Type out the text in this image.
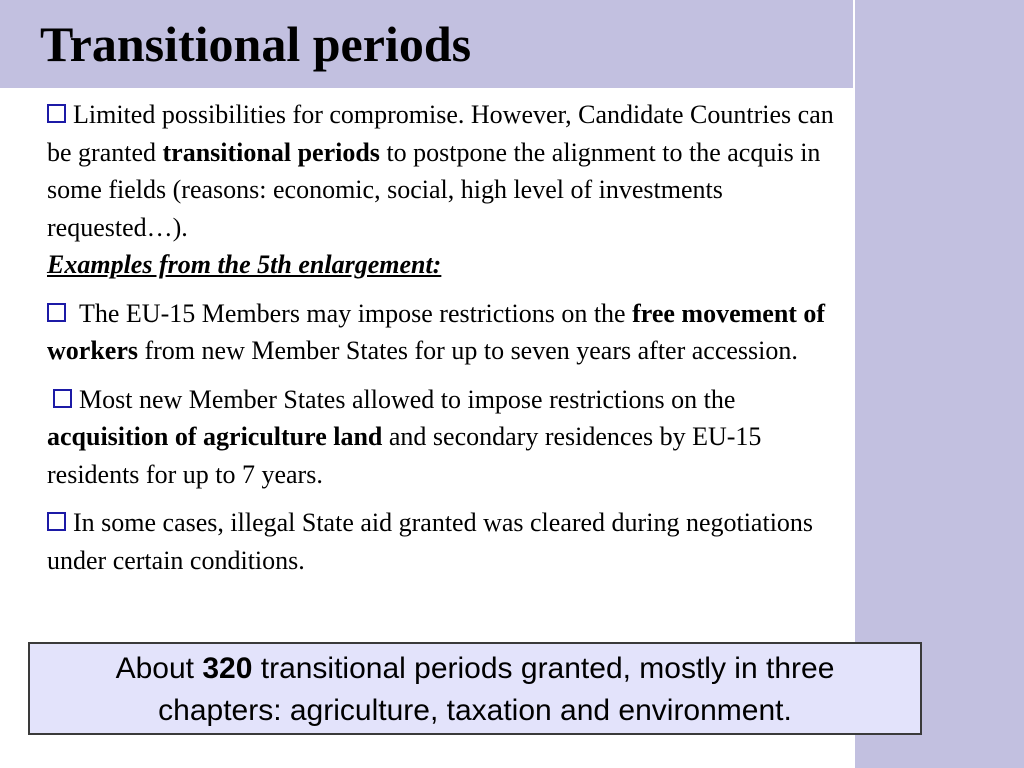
Transitional periods

Limited possibilities for compromise. However, Candidate Countries can be granted transitional periods to postpone the alignment to the acquis in some fields (reasons: economic, social, high level of investments requested…).

Examples from the 5th enlargement:

The EU-15 Members may impose restrictions on the free movement of workers from new Member States for up to seven years after accession.

Most new Member States allowed to impose restrictions on the acquisition of agriculture land and secondary residences by EU-15 residents for up to 7 years.

In some cases, illegal State aid granted was cleared during negotiations under certain conditions.

About 320 transitional periods granted, mostly in three

chapters: agriculture, taxation and environment.
